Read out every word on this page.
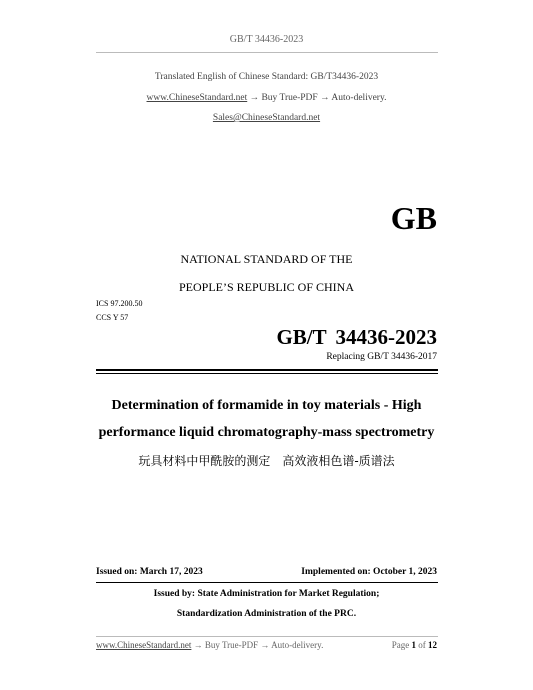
GB/T 34436-2023
Translated English of Chinese Standard: GB/T34436-2023
www.ChineseStandard.net → Buy True-PDF → Auto-delivery.
Sales@ChineseStandard.net
GB
NATIONAL STANDARD OF THE
PEOPLE’S REPUBLIC OF CHINA
ICS 97.200.50
CCS Y 57
GB/T 34436-2023
Replacing GB/T 34436-2017
Determination of formamide in toy materials - High
performance liquid chromatography-mass spectrometry
玩具材料中甲酰胺的测定　高效液相色谱-质谱法
Issued on: March 17, 2023	Implemented on: October 1, 2023
Issued by: State Administration for Market Regulation;
Standardization Administration of the PRC.
www.ChineseStandard.net → Buy True-PDF → Auto-delivery.	Page 1 of 12
